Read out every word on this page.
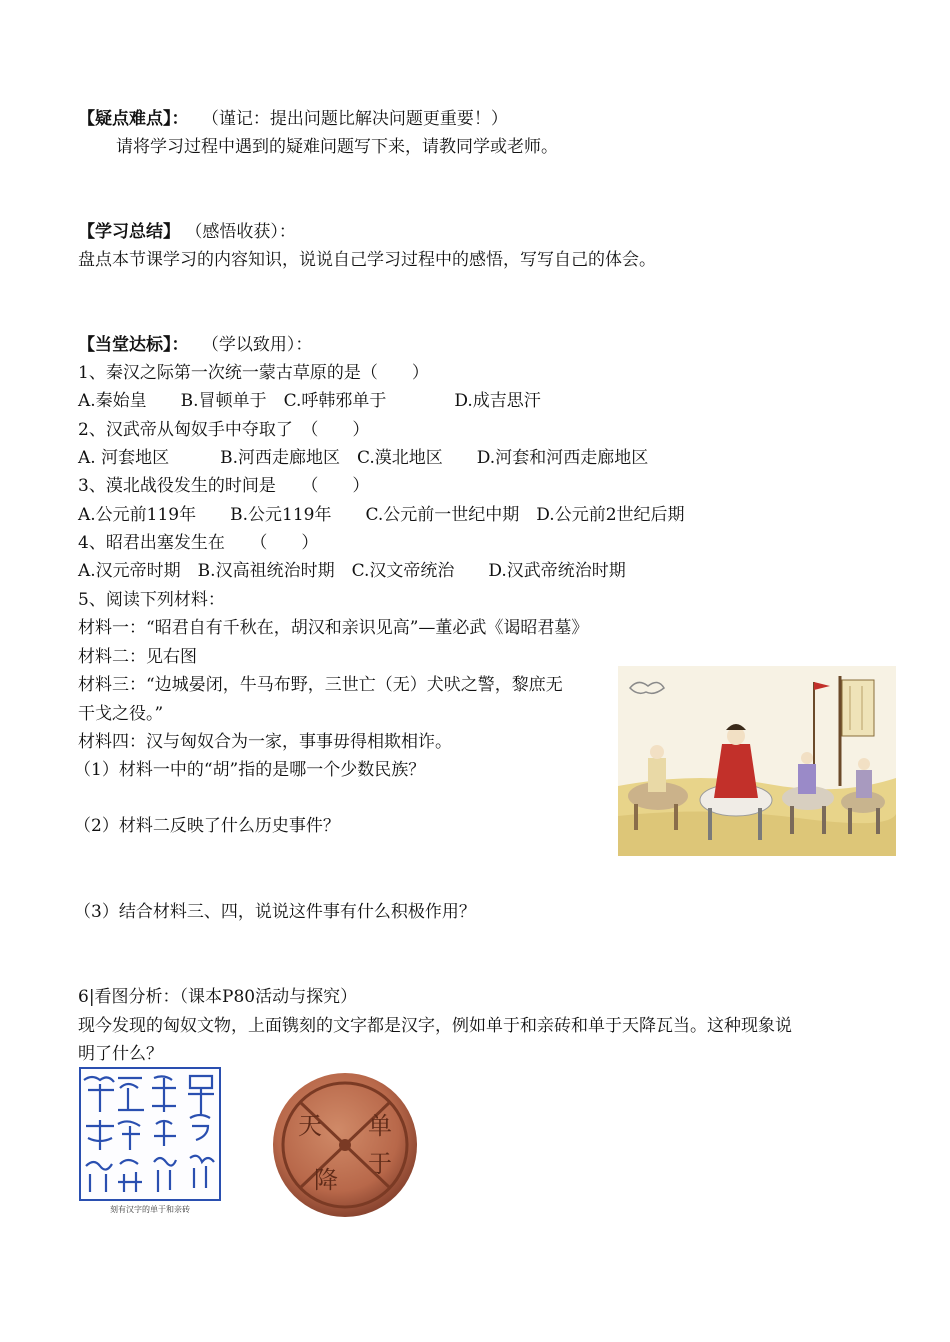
【疑点难点】： （谨记：提出问题比解决问题更重要！）
请将学习过程中遇到的疑难问题写下来，请教同学或老师。
【学习总结】 （感悟收获）：
盘点本节课学习的内容知识，说说自己学习过程中的感悟，写写自己的体会。
【当堂达标】： （学以致用）：
1、秦汉之际第一次统一蒙古草原的是（　　）
A.秦始皇　　B.冒顿单于　C.呼韩邪单于　　　　D.成吉思汗
2、汉武帝从匈奴手中夺取了　（　　）
A. 河套地区　　　B.河西走廊地区　C.漠北地区　　D.河套和河西走廊地区
3、漠北战役发生的时间是　　（　　）
A.公元前119年　　B.公元119年　　C.公元前一世纪中期　D.公元前2世纪后期
4、昭君出塞发生在　　（　　）
A.汉元帝时期　B.汉高祖统治时期　C.汉文帝统治　　D.汉武帝统治时期
5、阅读下列材料：
材料一：“昭君自有千秋在，胡汉和亲识见高”—董必武《谒昭君墓》
材料二：见右图
材料三：“边城晏闭，牛马布野，三世亡（无）犬吠之警，黎庶无
干戈之役。”
材料四：汉与匈奴合为一家，事事毋得相欺相诈。
（1）材料一中的“胡”指的是哪一个少数民族？
（2）材料二反映了什么历史事件？
（3）结合材料三、四，说说这件事有什么积极作用？
6|看图分析：（课本P80活动与探究）
现今发现的匈奴文物，上面镌刻的文字都是汉字，例如单于和亲砖和单于天降瓦当。这种现象说
明了什么？
刻有汉字的单于和亲砖
单
于
天
降
